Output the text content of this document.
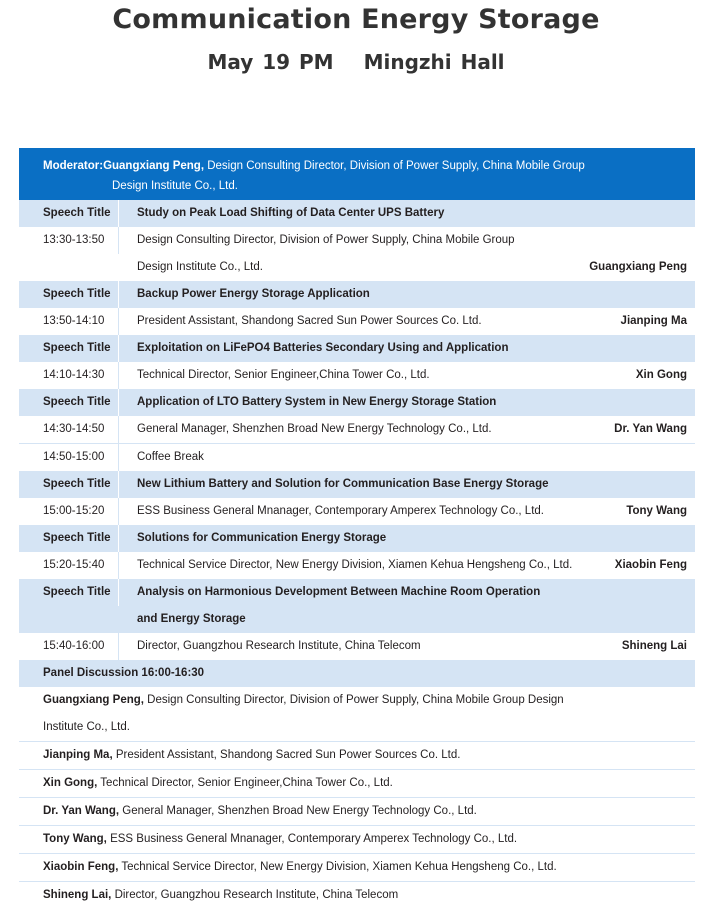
Communication Energy Storage
May 19 PM Mingzhi Hall
Moderator:Guangxiang Peng, Design Consulting Director, Division of Power Supply, China Mobile Group
Design Institute Co., Ltd.
Speech Title	Study on Peak Load Shifting of Data Center UPS Battery
13:30-13:50	Design Consulting Director, Division of Power Supply, China Mobile Group
Design Institute Co., Ltd.	Guangxiang Peng
Speech Title	Backup Power Energy Storage Application
13:50-14:10	President Assistant, Shandong Sacred Sun Power Sources Co. Ltd.	Jianping Ma
Speech Title	Exploitation on LiFePO4 Batteries Secondary Using and Application
14:10-14:30	Technical Director, Senior Engineer,China Tower Co., Ltd.	Xin Gong
Speech Title	Application of LTO Battery System in New Energy Storage Station
14:30-14:50	General Manager, Shenzhen Broad New Energy Technology Co., Ltd.	Dr. Yan Wang
14:50-15:00	Coffee Break
Speech Title	New Lithium Battery and Solution for Communication Base Energy Storage
15:00-15:20	ESS Business General Mnanager, Contemporary Amperex Technology Co., Ltd.	Tony Wang
Speech Title	Solutions for Communication Energy Storage
15:20-15:40	Technical Service Director, New Energy Division, Xiamen Kehua Hengsheng Co., Ltd.	Xiaobin Feng
Speech Title	Analysis on Harmonious Development Between Machine Room Operation
and Energy Storage
15:40-16:00	Director, Guangzhou Research Institute, China Telecom	Shineng Lai
Panel Discussion 16:00-16:30
Guangxiang Peng, Design Consulting Director, Division of Power Supply, China Mobile Group Design
Institute Co., Ltd.
Jianping Ma, President Assistant, Shandong Sacred Sun Power Sources Co. Ltd.
Xin Gong, Technical Director, Senior Engineer,China Tower Co., Ltd.
Dr. Yan Wang, General Manager, Shenzhen Broad New Energy Technology Co., Ltd.
Tony Wang, ESS Business General Mnanager, Contemporary Amperex Technology Co., Ltd.
Xiaobin Feng, Technical Service Director, New Energy Division, Xiamen Kehua Hengsheng Co., Ltd.
Shineng Lai, Director, Guangzhou Research Institute, China Telecom
